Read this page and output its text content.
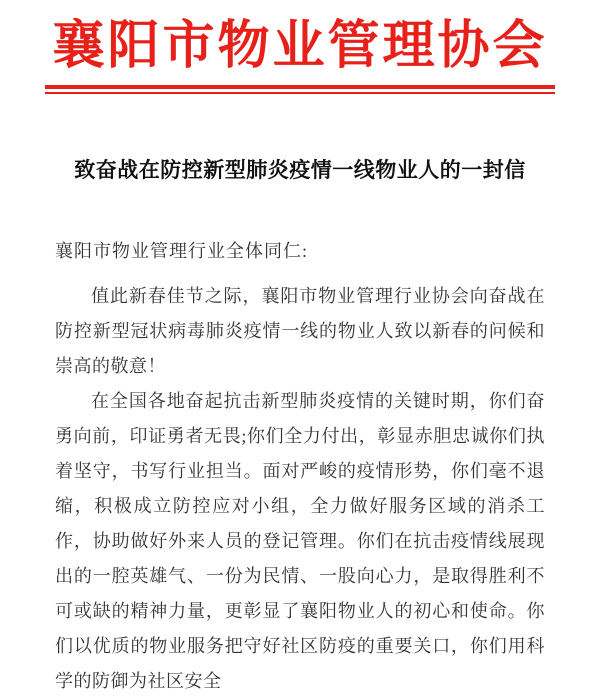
襄阳市物业管理协会
致奋战在防控新型肺炎疫情一线物业人的一封信

襄阳市物业管理行业全体同仁:

值此新春佳节之际，襄阳市物业管理行业协会向奋战在防控新型冠状病毒肺炎疫情一线的物业人致以新春的问候和崇高的敬意！

在全国各地奋起抗击新型肺炎疫情的关键时期，你们奋勇向前，印证勇者无畏;你们全力付出，彰显赤胆忠诚你们执着坚守，书写行业担当。面对严峻的疫情形势，你们毫不退缩，积极成立防控应对小组，全力做好服务区域的消杀工作，协助做好外来人员的登记管理。你们在抗击疫情线展现出的一腔英雄气、一份为民情、一股向心力，是取得胜利不可或缺的精神力量，更彰显了襄阳物业人的初心和使命。你们以优质的物业服务把守好社区防疫的重要关口，你们用科学的防御为社区安全
